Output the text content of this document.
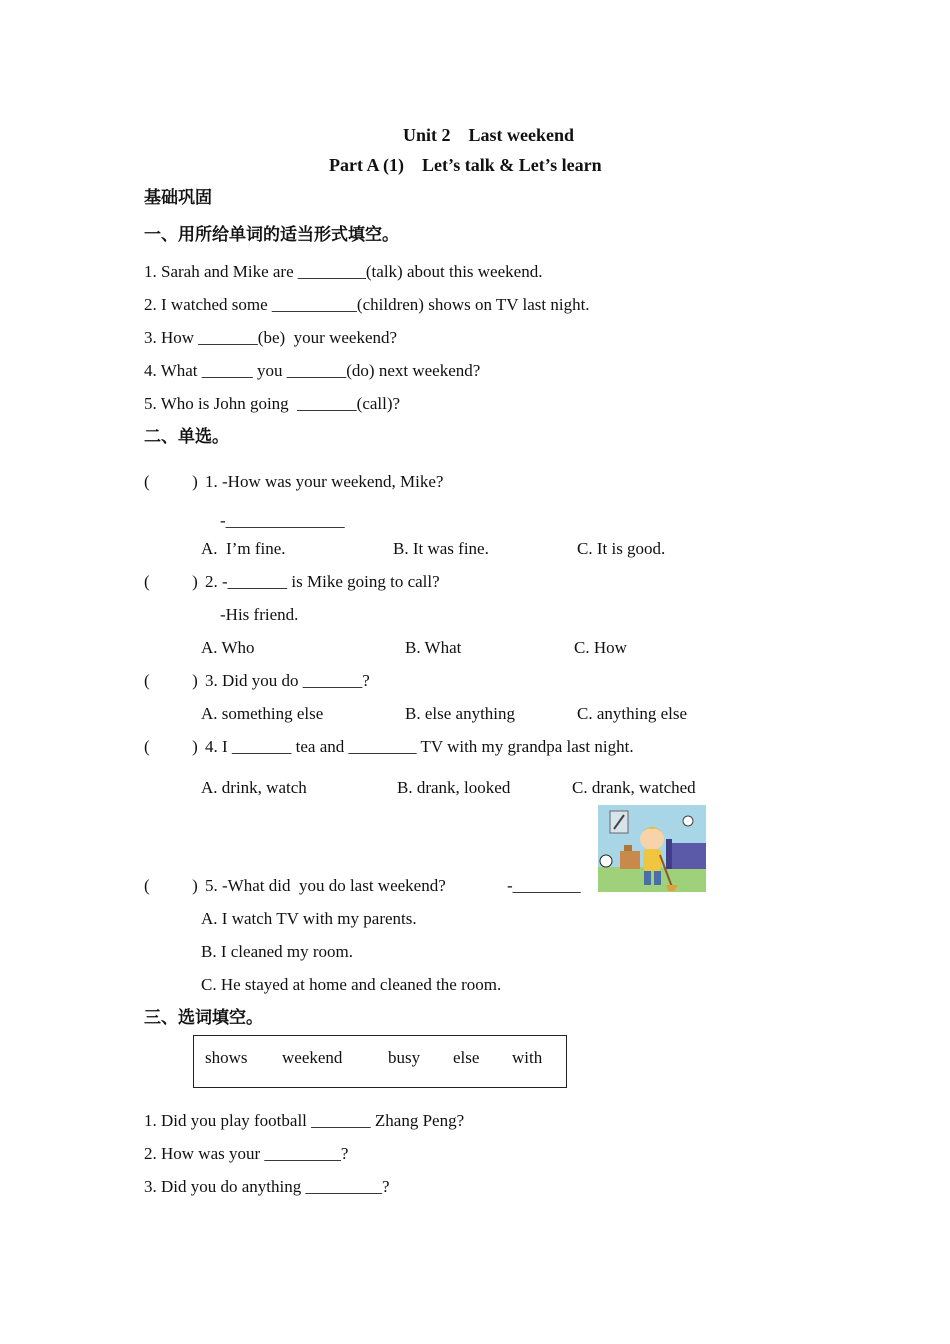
Unit 2    Last weekend
Part A (1)    Let’s talk & Let’s learn
基础巩固
一、用所给单词的适当形式填空。
1. Sarah and Mike are ________(talk) about this weekend.
2. I watched some __________(children) shows on TV last night.
3. How _______(be)  your weekend?
4. What ______ you _______(do) next weekend?
5. Who is John going  _______(call)?
二、单选。
(          ) 1. -How was your weekend, Mike?
-______________
A.  I’m fine.	B. It was fine.	C. It is good.
(          ) 2. -_______ is Mike going to call?
-His friend.
A. Who	B. What	C. How
(          ) 3. Did you do _______?
A. something else	B. else anything	C. anything else
(          ) 4. I _______ tea and ________ TV with my grandpa last night.
A. drink, watch	B. drank, looked	C. drank, watched
(          ) 5. -What did  you do last weekend?	-________
A. I watch TV with my parents.
B. I cleaned my room.
C. He stayed at home and cleaned the room.
三、选词填空。
shows weekend	busy else with
1. Did you play football _______ Zhang Peng?
2. How was your _________?
3. Did you do anything _________?
